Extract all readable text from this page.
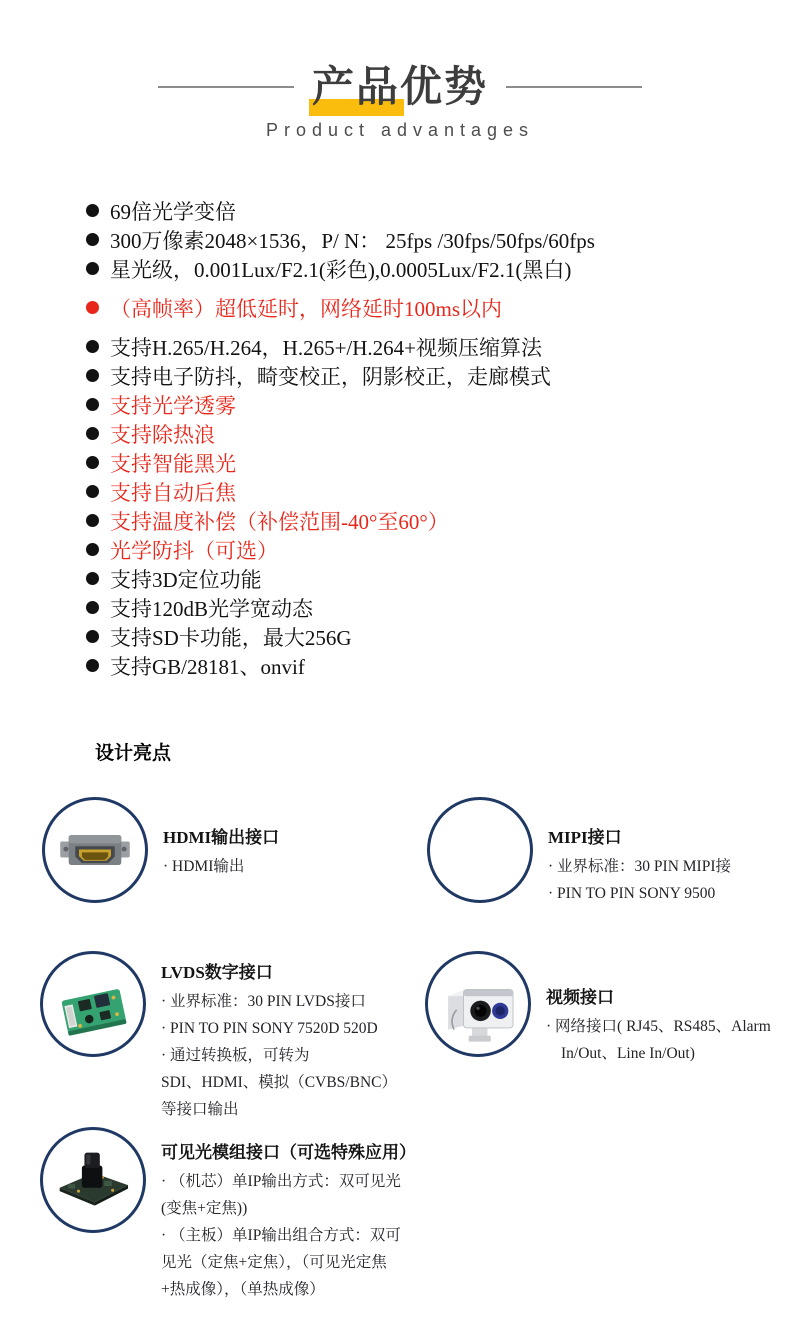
产品优势
Product advantages
69倍光学变倍
300万像素2048×1536，P/ N： 25fps /30fps/50fps/60fps
星光级，0.001Lux/F2.1(彩色),0.0005Lux/F2.1(黑白)
（高帧率）超低延时，网络延时100ms以内
支持H.265/H.264，H.265+/H.264+视频压缩算法
支持电子防抖，畸变校正，阴影校正，走廊模式
支持光学透雾
支持除热浪
支持智能黑光
支持自动后焦
支持温度补偿（补偿范围-40°至60°）
光学防抖（可选）
支持3D定位功能
支持120dB光学宽动态
支持SD卡功能，最大256G
支持GB/28181、onvif
设计亮点
HDMI输出接口
· HDMI输出
MIPI接口
· 业界标准：30 PIN MIPI接
· PIN TO PIN SONY 9500
LVDS数字接口
· 业界标准：30 PIN LVDS接口
· PIN TO PIN SONY 7520D 520D
· 通过转换板，可转为
SDI、HDMI、模拟（CVBS/BNC）
等接口输出
视频接口
· 网络接口( RJ45、RS485、Alarm
In/Out、Line In/Out)
可见光模组接口（可选特殊应用）
· （机芯）单IP输出方式：双可见光
(变焦+定焦))
· （主板）单IP输出组合方式：双可
见光（定焦+定焦），（可见光定焦
+热成像），（单热成像）
